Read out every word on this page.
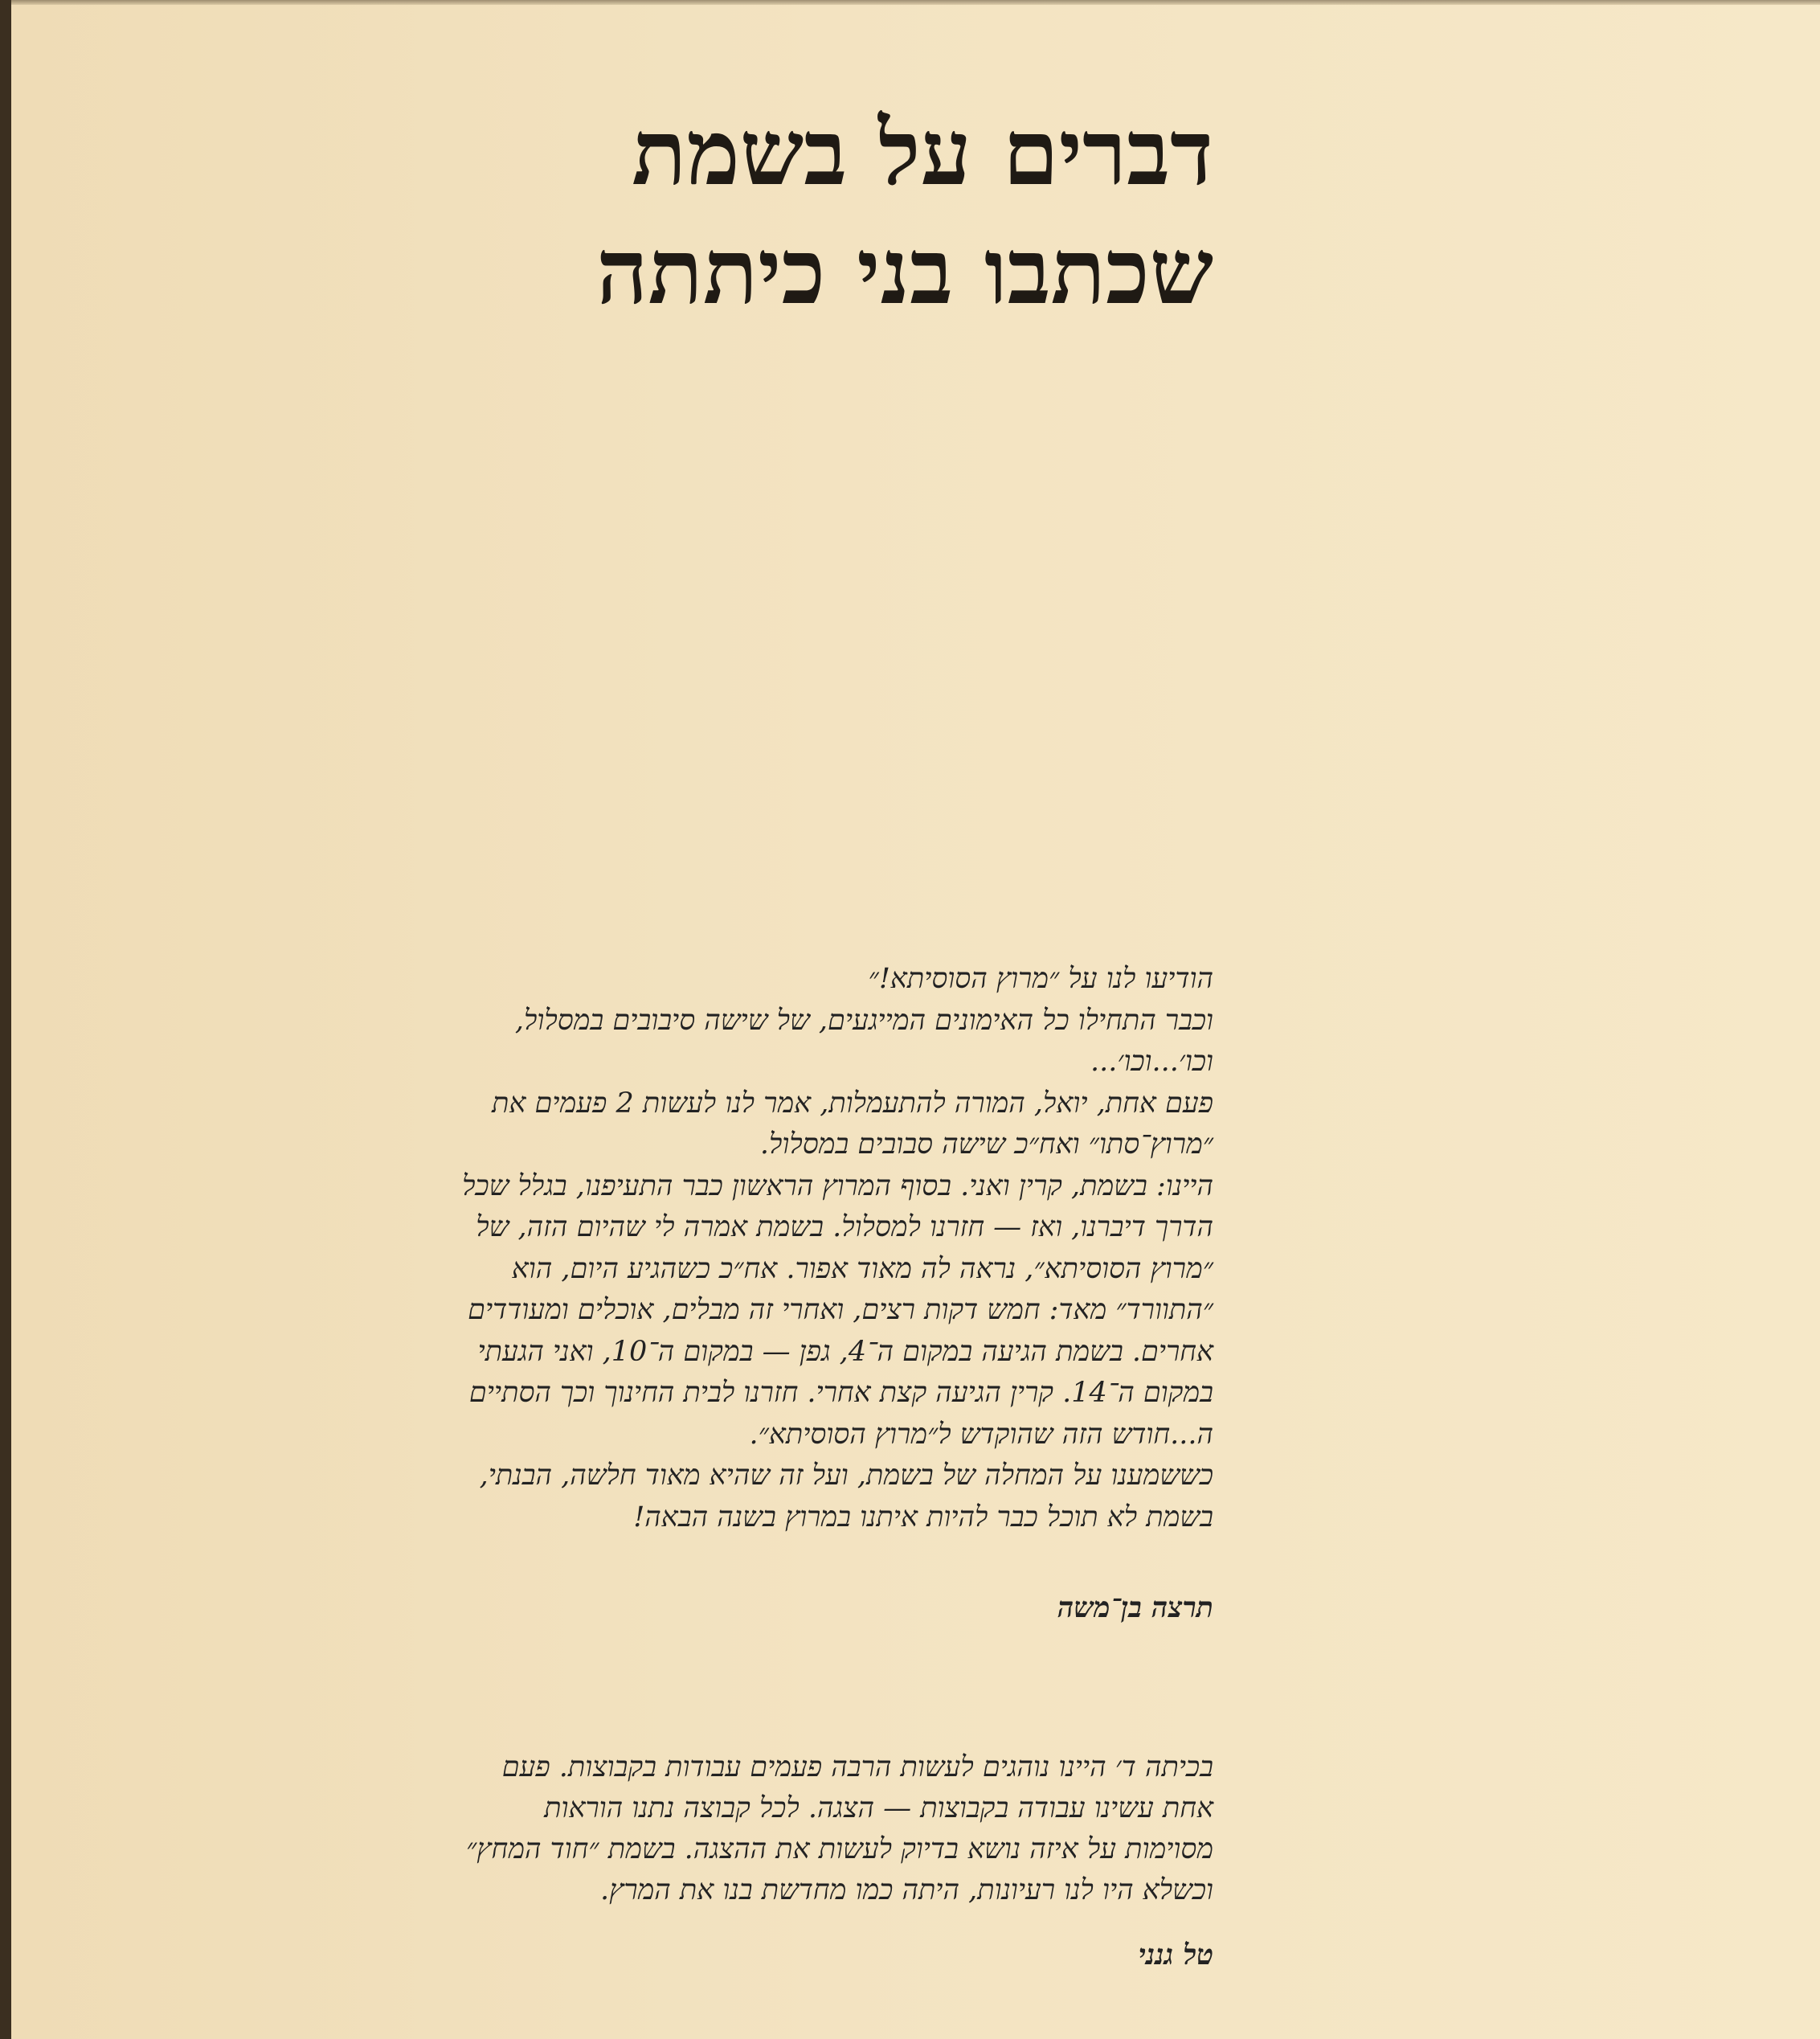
דברים על בשמת
שכתבו בני כיתתה
הודיעו לנו על ״מרוץ הסוסיתא!״
וכבר התחילו כל האימונים המייגעים, של שישה סיבובים במסלול,
וכו׳...וכו׳...
פעם אחת, יואל, המורה להתעמלות, אמר לנו לעשות 2 פעמים את
״מרוץ־סתו״ ואח״כ שישה סבובים במסלול.
היינו: בשמת, קרין ואני. בסוף המרוץ הראשון כבר התעיפנו, בגלל שכל
הדרך דיברנו, ואז — חזרנו למסלול. בשמת אמרה לי שהיום הזה, של
״מרוץ הסוסיתא״, נראה לה מאוד אפור. אח״כ כשהגיע היום, הוא
״התוורד״ מאד: חמש דקות רצים, ואחרי זה מבלים, אוכלים ומעודדים
אחרים. בשמת הגיעה במקום ה־4, גפן — במקום ה־10, ואני הגעתי
במקום ה־14. קרין הגיעה קצת אחרי. חזרנו לבית החינוך וכך הסתיים
ה...חודש הזה שהוקדש ל״מרוץ הסוסיתא״.
כששמענו על המחלה של בשמת, ועל זה שהיא מאוד חלשה, הבנתי,
בשמת לא תוכל כבר להיות איתנו במרוץ בשנה הבאה!
תרצה בן־משה
בכיתה ד׳ היינו נוהגים לעשות הרבה פעמים עבודות בקבוצות. פעם
אחת עשינו עבודה בקבוצות — הצגה. לכל קבוצה נתנו הוראות
מסוימות על איזה נושא בדיוק לעשות את ההצגה. בשמת ״חוד המחץ״
וכשלא היו לנו רעיונות, היתה כמו מחדשת בנו את המרץ.
טל גנני
